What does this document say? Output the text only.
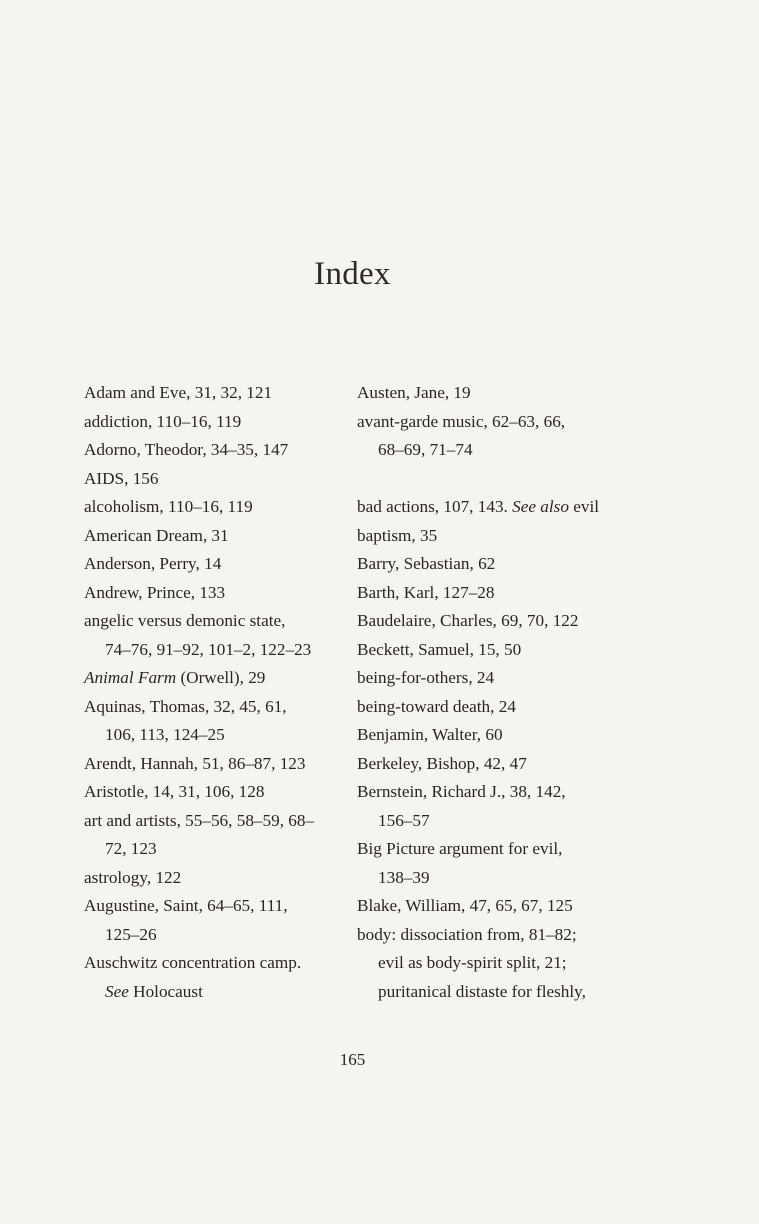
Index
Adam and Eve, 31, 32, 121
addiction, 110–16, 119
Adorno, Theodor, 34–35, 147
AIDS, 156
alcoholism, 110–16, 119
American Dream, 31
Anderson, Perry, 14
Andrew, Prince, 133
angelic versus demonic state,
74–76, 91–92, 101–2, 122–23
Animal Farm (Orwell), 29
Aquinas, Thomas, 32, 45, 61,
106, 113, 124–25
Arendt, Hannah, 51, 86–87, 123
Aristotle, 14, 31, 106, 128
art and artists, 55–56, 58–59, 68–
72, 123
astrology, 122
Augustine, Saint, 64–65, 111,
125–26
Auschwitz concentration camp.
See Holocaust
Austen, Jane, 19
avant-garde music, 62–63, 66,
68–69, 71–74
bad actions, 107, 143. See also evil
baptism, 35
Barry, Sebastian, 62
Barth, Karl, 127–28
Baudelaire, Charles, 69, 70, 122
Beckett, Samuel, 15, 50
being-for-others, 24
being-toward death, 24
Benjamin, Walter, 60
Berkeley, Bishop, 42, 47
Bernstein, Richard J., 38, 142,
156–57
Big Picture argument for evil,
138–39
Blake, William, 47, 65, 67, 125
body: dissociation from, 81–82;
evil as body-spirit split, 21;
puritanical distaste for fleshly,
165
